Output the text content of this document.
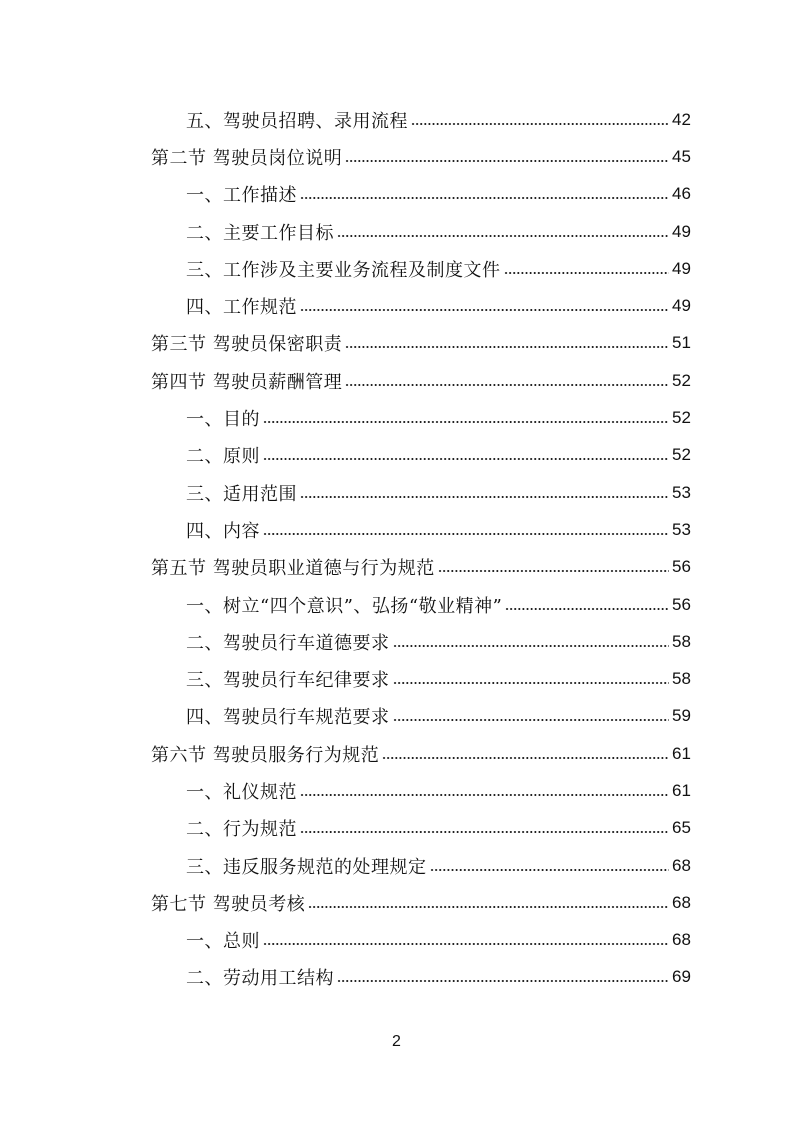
五、驾驶员招聘、录用流程	42
第二节 驾驶员岗位说明	45
一、工作描述	46
二、主要工作目标	49
三、工作涉及主要业务流程及制度文件	49
四、工作规范	49
第三节 驾驶员保密职责	51
第四节 驾驶员薪酬管理	52
一、目的	52
二、原则	52
三、适用范围	53
四、内容	53
第五节 驾驶员职业道德与行为规范	56
一、树立“四个意识”、弘扬“敬业精神”	56
二、驾驶员行车道德要求	58
三、驾驶员行车纪律要求	58
四、驾驶员行车规范要求	59
第六节 驾驶员服务行为规范	61
一、礼仪规范	61
二、行为规范	65
三、违反服务规范的处理规定	68
第七节 驾驶员考核	68
一、总则	68
二、劳动用工结构	69
2
